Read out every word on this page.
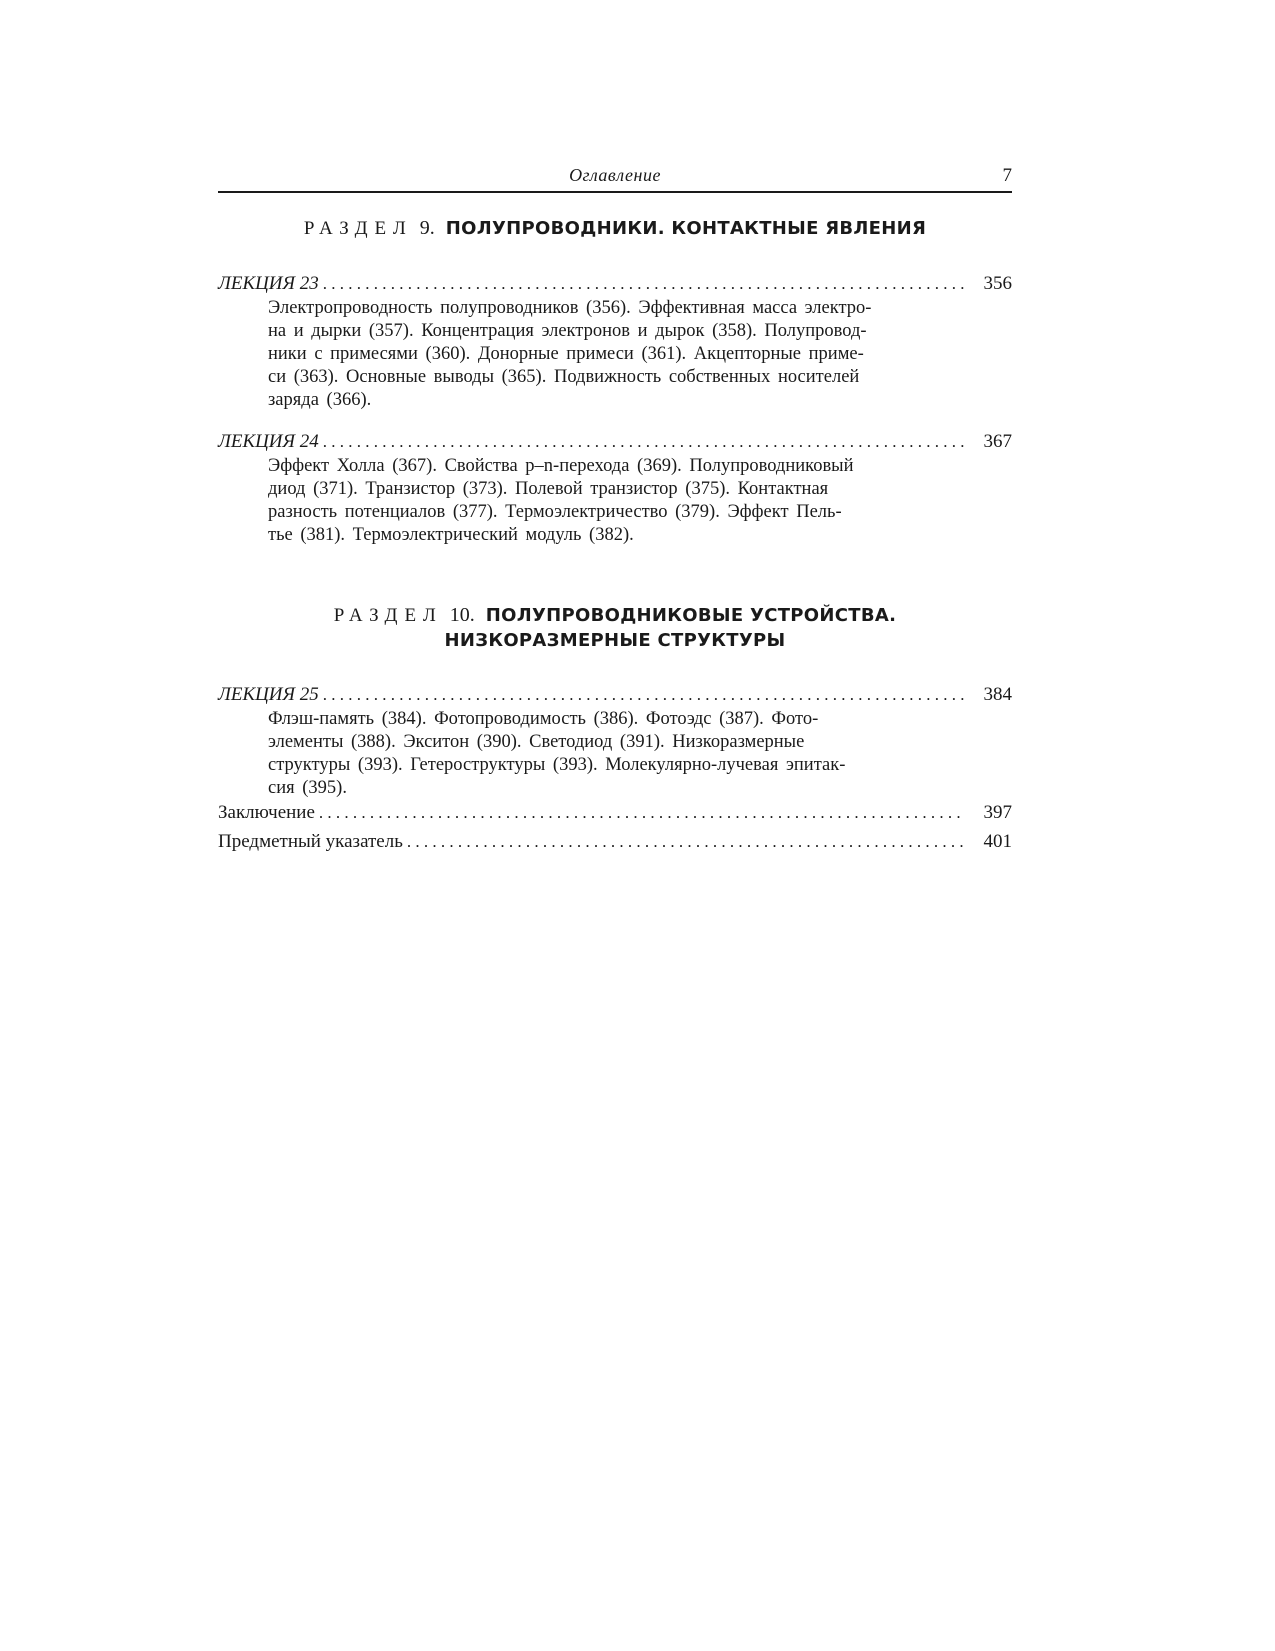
Оглавление	7
РАЗДЕЛ 9. ПОЛУПРОВОДНИКИ. КОНТАКТНЫЕ ЯВЛЕНИЯ
ЛЕКЦИЯ 23 . . .	356
Электропроводность полупроводников (356). Эффективная масса электро-
на и дырки (357). Концентрация электронов и дырок (358). Полупровод-
ники с примесями (360). Донорные примеси (361). Акцепторные приме-
си (363). Основные выводы (365). Подвижность собственных носителей
заряда (366).
ЛЕКЦИЯ 24 . . .	367
Эффект Холла (367). Свойства p–n-перехода (369). Полупроводниковый
диод (371). Транзистор (373). Полевой транзистор (375). Контактная
разность потенциалов (377). Термоэлектричество (379). Эффект Пель-
тье (381). Термоэлектрический модуль (382).
РАЗДЕЛ 10. ПОЛУПРОВОДНИКОВЫЕ УСТРОЙСТВА.
НИЗКОРАЗМЕРНЫЕ СТРУКТУРЫ
ЛЕКЦИЯ 25 . . .	384
Флэш-память (384). Фотопроводимость (386). Фотоэдс (387). Фото-
элементы (388). Экситон (390). Светодиод (391). Низкоразмерные
структуры (393). Гетероструктуры (393). Молекулярно-лучевая эпитак-
сия (395).
Заключение . . .	397
Предметный указатель . . .	401
